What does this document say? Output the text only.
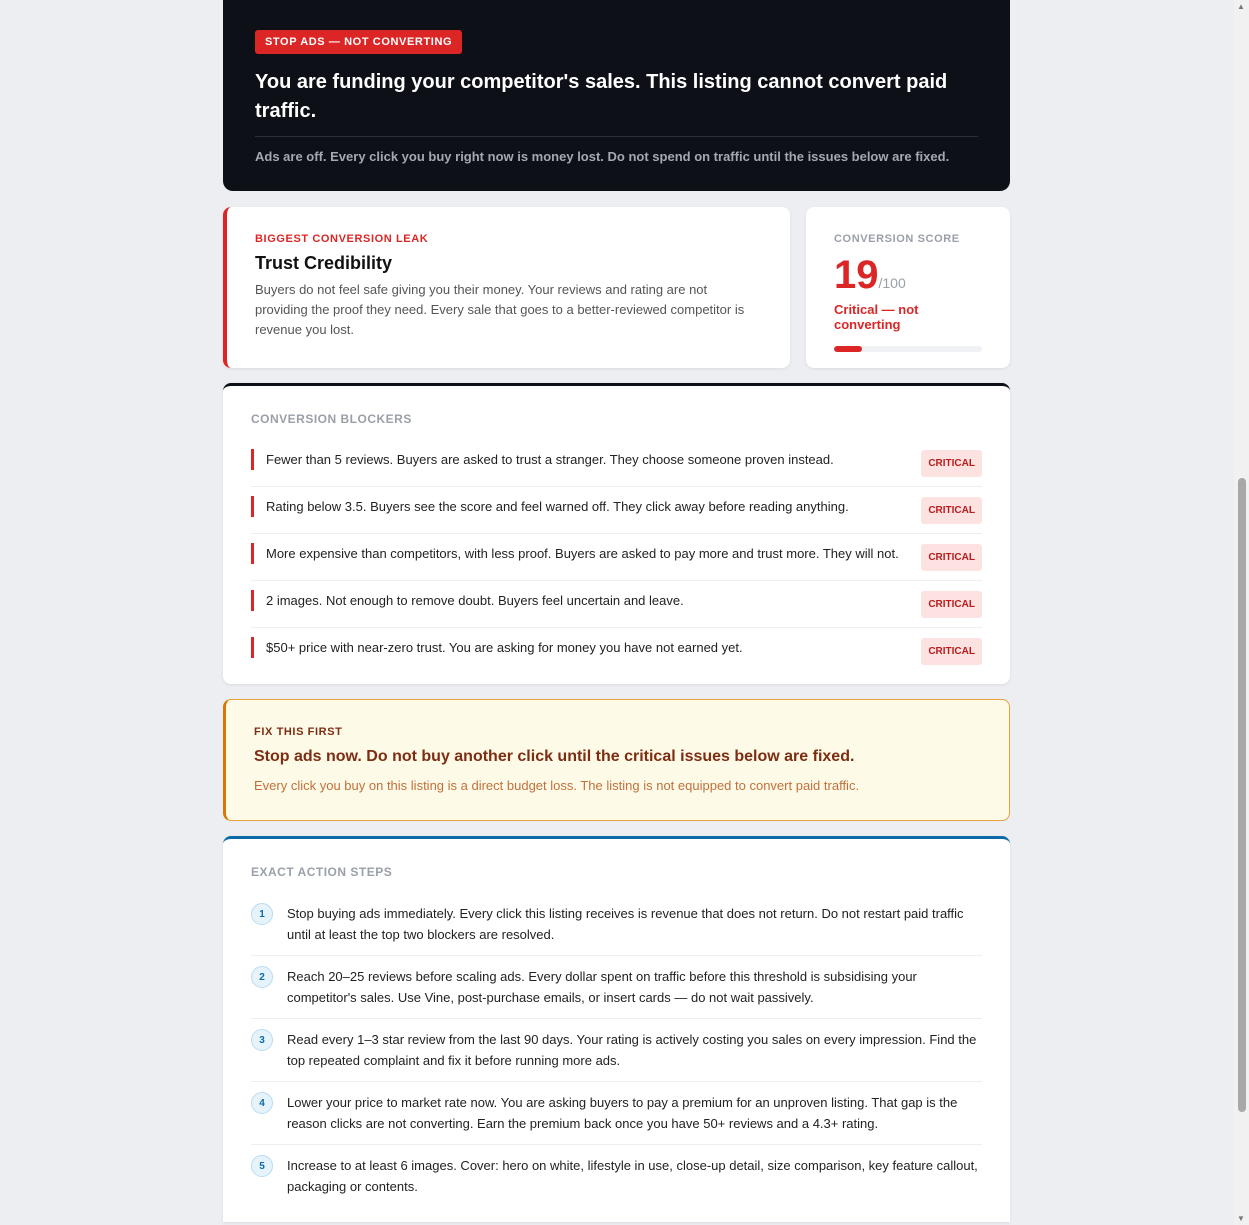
STOP ADS — NOT CONVERTING
You are funding your competitor's sales. This listing cannot convert paid traffic.

Ads are off. Every click you buy right now is money lost. Do not spend on traffic until the issues below are fixed.

BIGGEST CONVERSION LEAK
Trust Credibility

Buyers do not feel safe giving you their money. Your reviews and rating are not providing the proof they need. Every sale that goes to a better-reviewed competitor is revenue you lost.

CONVERSION SCORE
19/100
Critical — not converting
CONVERSION BLOCKERS
Fewer than 5 reviews. Buyers are asked to trust a stranger. They choose someone proven instead.	CRITICAL
Rating below 3.5. Buyers see the score and feel warned off. They click away before reading anything.	CRITICAL
More expensive than competitors, with less proof. Buyers are asked to pay more and trust more. They will not.	CRITICAL
2 images. Not enough to remove doubt. Buyers feel uncertain and leave.	CRITICAL
$50+ price with near-zero trust. You are asking for money you have not earned yet.	CRITICAL
FIX THIS FIRST
Stop ads now. Do not buy another click until the critical issues below are fixed.

Every click you buy on this listing is a direct budget loss. The listing is not equipped to convert paid traffic.

EXACT ACTION STEPS
1	Stop buying ads immediately. Every click this listing receives is revenue that does not return. Do not restart paid traffic until at least the top two blockers are resolved.
2	Reach 20–25 reviews before scaling ads. Every dollar spent on traffic before this threshold is subsidising your competitor's sales. Use Vine, post-purchase emails, or insert cards — do not wait passively.
3	Read every 1–3 star review from the last 90 days. Your rating is actively costing you sales on every impression. Find the top repeated complaint and fix it before running more ads.
4	Lower your price to market rate now. You are asking buyers to pay a premium for an unproven listing. That gap is the reason clicks are not converting. Earn the premium back once you have 50+ reviews and a 4.3+ rating.
5	Increase to at least 6 images. Cover: hero on white, lifestyle in use, close-up detail, size comparison, key feature callout, packaging or contents.
▲
▼
